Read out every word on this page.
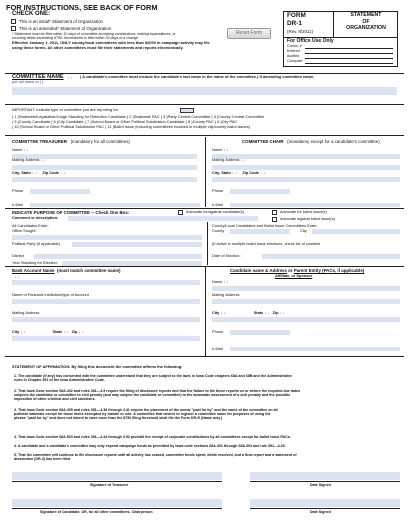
FOR INSTRUCTIONS, SEE BACK OF FORM
CHECK ONE:
This is an initial* Statement of Organization
This is an amended* Statement of Organization
* Statement must be filed within 10 days of committee accepting contributions, making expenditures, or
incurring debts exceeding $750. Amendment is filed within 30 days of a change.
Effective January 1, 2011, ONLY county/local committees with less than $2000 in campaign activity may file
using these forms. All other committees must file their statements and reports electronically.
Reset Form
FORM
DR-1
(Rev. 8/2011)
STATEMENT
OF
ORGANIZATION
For Office Use Only
Comm. #
Entered
Audited
Computer
COMMITTEE NAME ↓ ↓ ( A candidate's committee must include the candidate's last name in the name of the committee.) If amending committee name,
put old name in ( ).
IMPORTANT: Indicate type of committee you are reporting for:
( 1 )Statewide/Legislative/Judge Standing for Retention Candidate ( 2 )Statewide PAC ( 3 )Party Central Committee ( 4 )County Central Committee
( 5 )County Candidate ( 6 )City Candidate ( 7 )School Board or Other Political Subdivision Candidate ( 8 )County PAC ( 9 )City PAC
( 10 )School Board or Other Political Subdivision PAC ( 11 )Ballot Issue (including committees involved in multiple city/county ballot issues)
COMMITTEE TREASURER (mandatory for all committees)	COMMITTEE CHAIR (mandatory except for a candidate's committee)
Name ↓ ↓
Mailing Address ↓ ↓
City, State ↓ ↓ Zip Code ↓ ↓
Phone
e-Mail
Name ↓ ↓
Mailing Address ↓ ↓
City, State ↓ ↓ Zip Code ↓ ↓
Phone
e-Mail
INDICATE PURPOSE OF COMMITTEE -- Check One Box:	Advocate for/against candidate(s)	Advocate for ballot issue(s)
Comment or description:	Advocate against ballot issue(s)
All Candidates Enter:
Office Sought:
Political Party (If applicable)
District
Year Standing for Election:
County/Local Candidates and Ballot Issue Committees Enter:
County	City
(If active in multiple ballot issue elections, check list of counties
Date of Election:
Bank Account Name (must match committee name)
↓ ↓
Name of Financial Institution/type of Account
Mailing Address
City ↓ ↓	State ↓ ↓ Zip ↓ ↓
Candidate name & Address or Parent Entity (PACs, if applicable)
Affiliate, or Sponsor
Name ↓ ↓
Mailing Address
City ↓ ↓	State ↓ ↓ Zip ↓ ↓
Phone
e-Mail
STATEMENT OF AFFIRMATION: By filing this document the committee affirms the following:
1. The candidate (if any) has consented with the committee understand that they are subject to the laws in Iowa Code chapters 68A and 68B and the Administrative
rules in Chapter 351 of the Iowa Administrative Code.
2. That Iowa Code section 68A.402 and rules 351—4.9 require the filing of disclosure reports and that the failure to file these reports on or before the required due dates
subjects the candidate or committee to civil penalty (and may subject the candidate or committee) to the automatic assessment of a civil penalty and the possible
imposition of other criminal and civil sanctions.
3. That Iowa Code section 68A.405 and rules 351—4.38 through 4.41 require the placement of the words "paid for by" and the name of the committee on all
political materials except for those items exempted by statute or rule. A committee that wishes to register a committee name for purposes of using the
phrase "paid for by" and does not intend to raise more than the $750 filing threshold shall file the Form DR-R (Name only.)
3. That Iowa Code section 68A.503 and rules 351—4.44 through 4.52 prohibit the receipt of corporate contributions by all committees except for ballot issue PACs.
4. A candidate and a candidate's committee may only expend campaign funds as permitted by Iowa code sections 68A.301 through 68A.303 and rule 351—4.25.
5. That the committee will continue to file disclosure reports until all activity has ceased, committee funds spent, debts resolved, and a final report and a statement of
dissolution (DR-3) has been filed.
Signature of Treasurer	Date Signed
Signature of Candidate, OR, for all other committees, Chairperson	Date Signed
